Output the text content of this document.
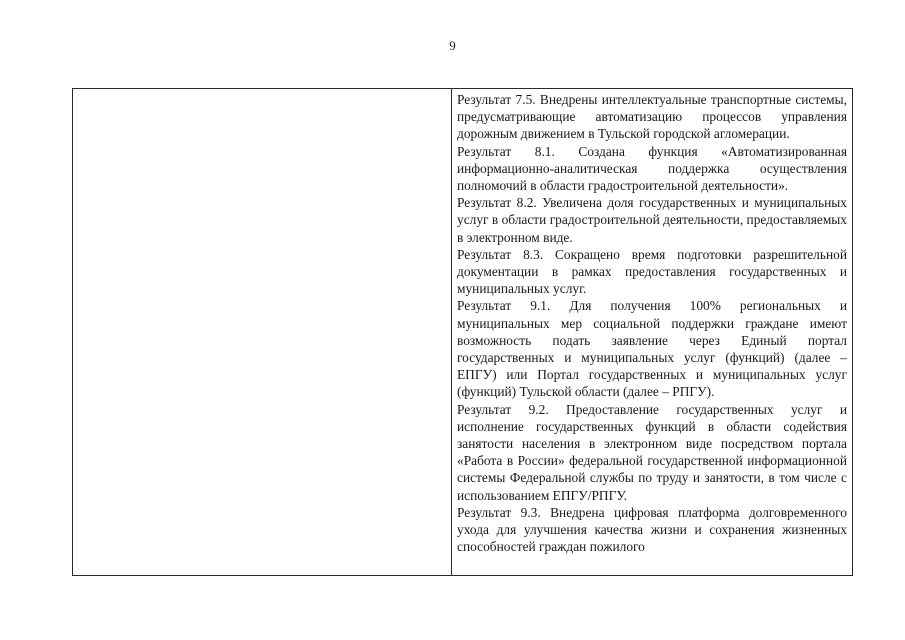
9

Результат 7.5. Внедрены интеллектуальные транспортные системы, предусматривающие автоматизацию процессов управления дорожным движением в Тульской городской агломерации.

Результат 8.1. Создана функция «Автоматизированная информационно-аналитическая поддержка осуществления полномочий в области градостроительной деятельности».

Результат 8.2. Увеличена доля государственных и муниципальных услуг в области градостроительной деятельности, предоставляемых в электронном виде.

Результат 8.3. Сокращено время подготовки разрешительной документации в рамках предоставления государственных и муниципальных услуг.

Результат 9.1. Для получения 100% региональных и муниципальных мер социальной поддержки граждане имеют возможность подать заявление через Единый портал государственных и муниципальных услуг (функций) (далее – ЕПГУ) или Портал государственных и муниципальных услуг (функций) Тульской области (далее – РПГУ).

Результат 9.2. Предоставление государственных услуг и исполнение государственных функций в области содействия занятости населения в электронном виде посредством портала «Работа в России» федеральной государственной информационной системы Федеральной службы по труду и занятости, в том числе с использованием ЕПГУ/РПГУ.

Результат 9.3. Внедрена цифровая платформа долговременного ухода для улучшения качества жизни и сохранения жизненных способностей граждан пожилого
